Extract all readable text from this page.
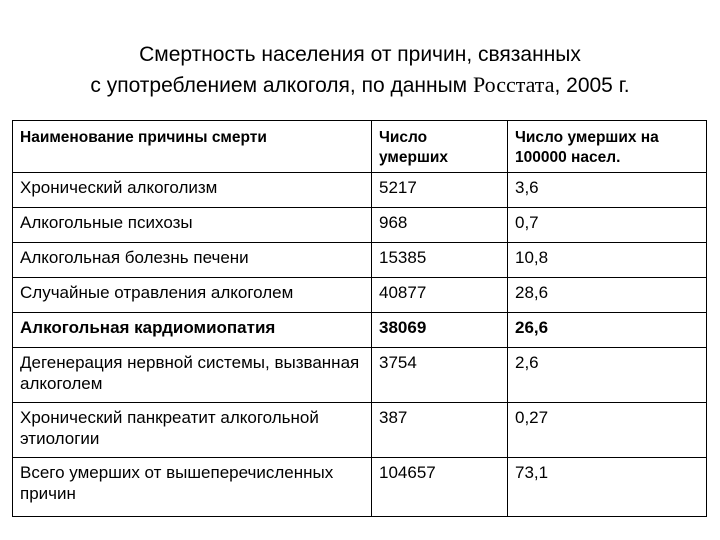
Смертность населения от причин, связанных
с употреблением алкоголя, по данным Росстата, 2005 г.
Наименование причины смерти	Число умерших	Число умерших на 100000 насел.
Хронический алкоголизм	5217	3,6
Алкогольные психозы	968	0,7
Алкогольная болезнь печени	15385	10,8
Случайные отравления алкоголем	40877	28,6
Алкогольная кардиомиопатия	38069	26,6
Дегенерация нервной системы, вызванная алкоголем	3754	2,6
Хронический панкреатит алкогольной этиологии	387	0,27
Всего умерших от вышеперечисленных причин	104657	73,1
